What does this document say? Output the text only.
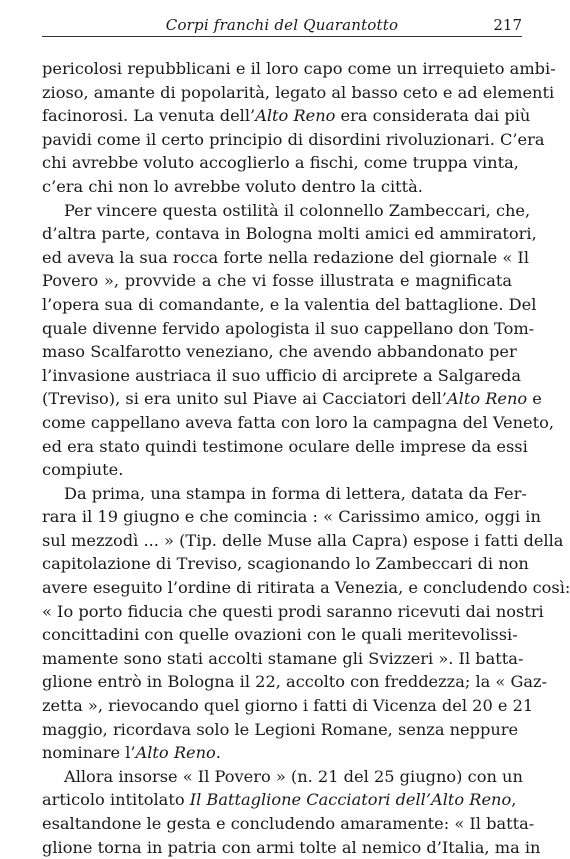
Corpi franchi del Quarantotto	217
pericolosi repubblicani e il loro capo come un irrequieto ambi-
zioso, amante di popolarità, legato al basso ceto e ad elementi
facinorosi. La venuta dell’Alto Reno era considerata dai più
pavidi come il certo principio di disordini rivoluzionari. C’era
chi avrebbe voluto accoglierlo a fischi, come truppa vinta,
c’era chi non lo avrebbe voluto dentro la città.
Per vincere questa ostilità il colonnello Zambeccari, che,
d’altra parte, contava in Bologna molti amici ed ammiratori,
ed aveva la sua rocca forte nella redazione del giornale « Il
Povero », provvide a che vi fosse illustrata e magnificata
l’opera sua di comandante, e la valentia del battaglione. Del
quale divenne fervido apologista il suo cappellano don Tom-
maso Scalfarotto veneziano, che avendo abbandonato per
l’invasione austriaca il suo ufficio di arciprete a Salgareda
(Treviso), si era unito sul Piave ai Cacciatori dell’Alto Reno e
come cappellano aveva fatta con loro la campagna del Veneto,
ed era stato quindi testimone oculare delle imprese da essi
compiute.
Da prima, una stampa in forma di lettera, datata da Fer-
rara il 19 giugno e che comincia : « Carissimo amico, oggi in
sul mezzodì ... » (Tip. delle Muse alla Capra) espose i fatti della
capitolazione di Treviso, scagionando lo Zambeccari di non
avere eseguito l’ordine di ritirata a Venezia, e concludendo così:
« Io porto fiducia che questi prodi saranno ricevuti dai nostri
concittadini con quelle ovazioni con le quali meritevolissi-
mamente sono stati accolti stamane gli Svizzeri ». Il batta-
glione entrò in Bologna il 22, accolto con freddezza; la « Gaz-
zetta », rievocando quel giorno i fatti di Vicenza del 20 e 21
maggio, ricordava solo le Legioni Romane, senza neppure
nominare l’Alto Reno.
Allora insorse « Il Povero » (n. 21 del 25 giugno) con un
articolo intitolato Il Battaglione Cacciatori dell’Alto Reno,
esaltandone le gesta e concludendo amaramente: « Il batta-
glione torna in patria con armi tolte al nemico d’Italia, ma in
